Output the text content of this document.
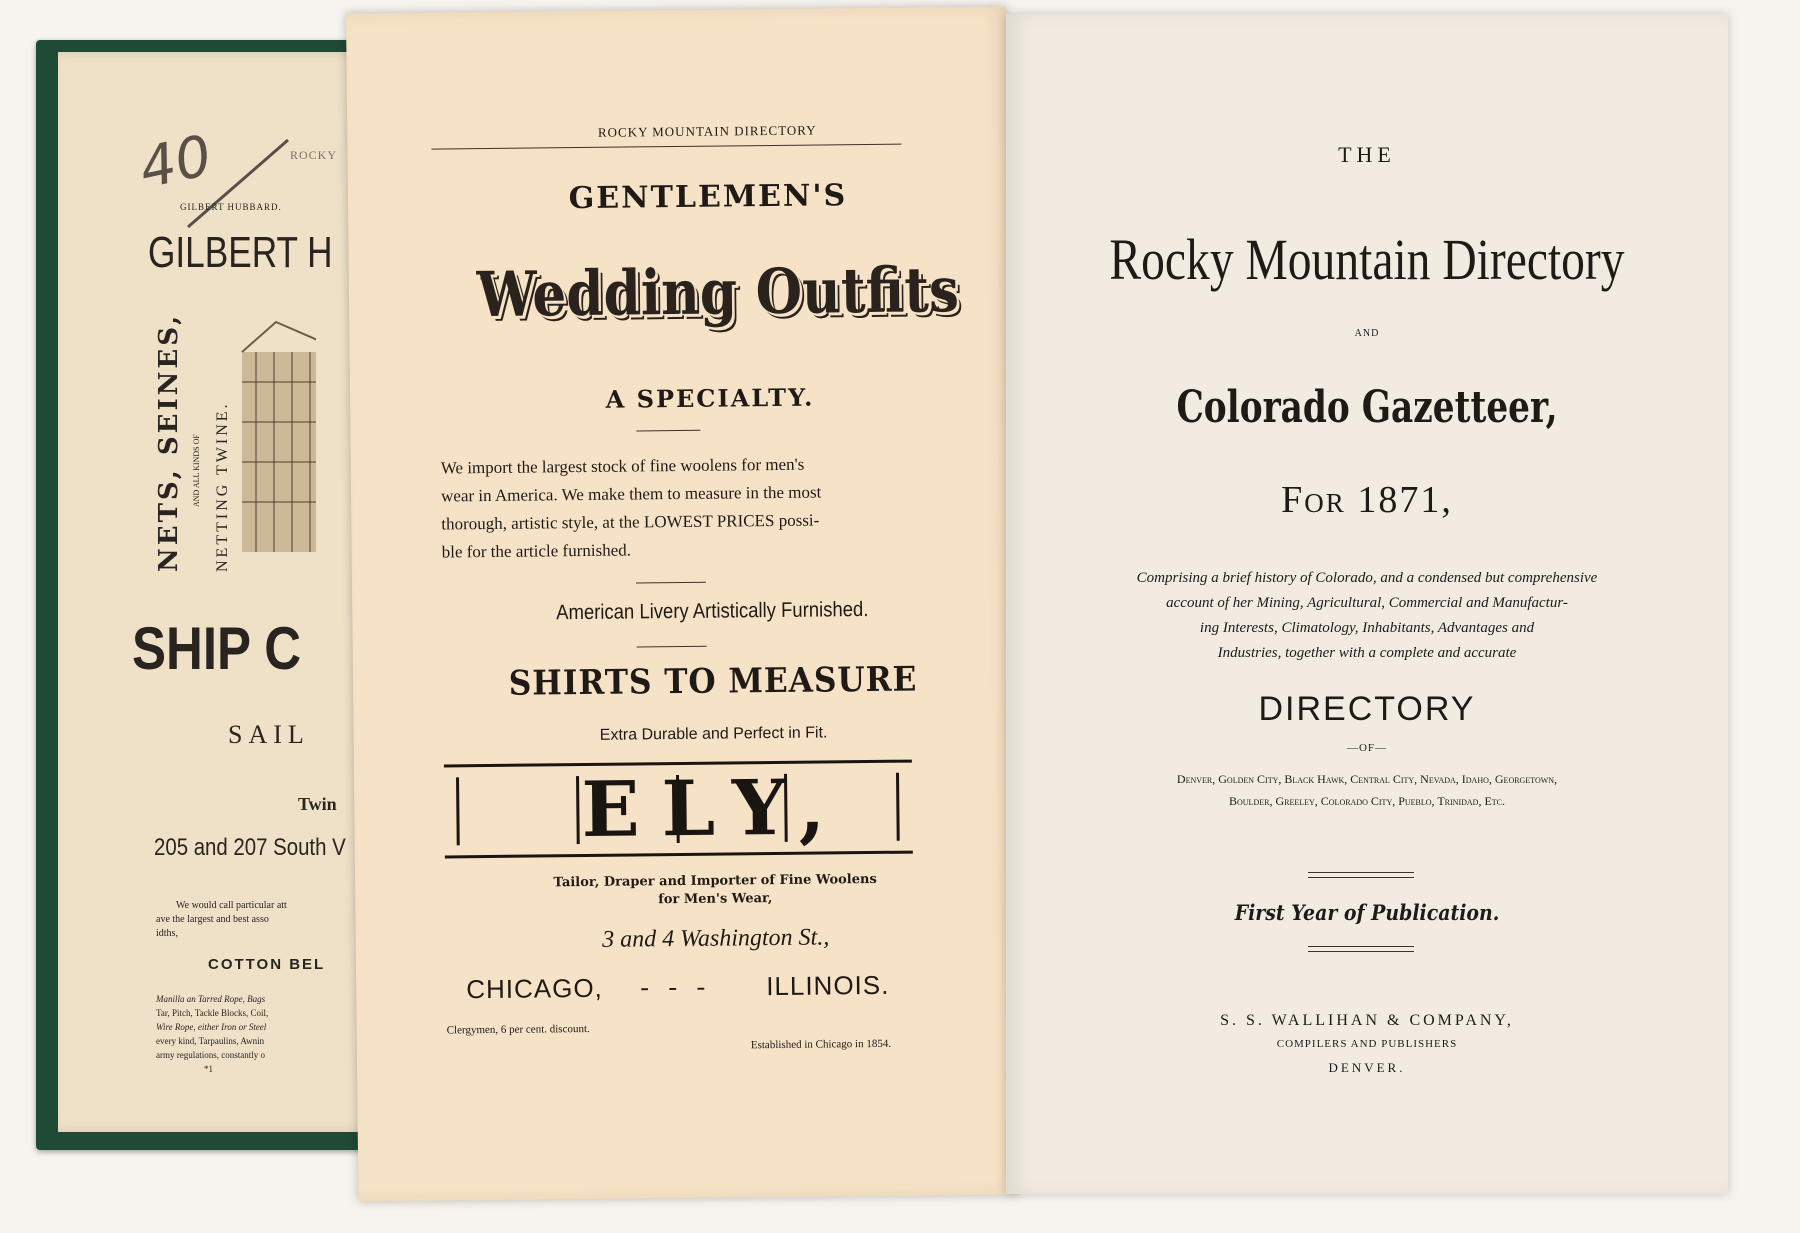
40	ROCKY
GILBERT HUBBARD.
GILBERT H
NETS, SEINES, AND ALL KINDS OF NETTING TWINE.
SHIP C
SAIL
Twin
205 and 207 South V
We would call particular att
ave the largest and best asso
idths,
COTTON BEL
Manilla an Tarred Rope, Bags
Tar, Pitch, Tackle Blocks, Coil,
Wire Rope, either Iron or Steel
every kind, Tarpaulins, Awnin
army regulations, constantly o
*1
ROCKY MOUNTAIN DIRECTORY
GENTLEMEN'S
Wedding Outfits
A SPECIALTY.
We import the largest stock of fine woolens for men's
wear in America. We make them to measure in the most
thorough, artistic style, at the LOWEST PRICES possi-
ble for the article furnished.
American Livery Artistically Furnished.
SHIRTS TO MEASURE
Extra Durable and Perfect in Fit.
ELY,
Tailor, Draper and Importer of Fine Woolens
for Men's Wear,
3 and 4 Washington St.,
CHICAGO, -   -   - ILLINOIS.
Clergymen, 6 per cent. discount.
Established in Chicago in 1854.
THE
Rocky Mountain Directory
AND
Colorado Gazetteer,
For 1871,
Comprising a brief history of Colorado, and a condensed but comprehensive
account of her Mining, Agricultural, Commercial and Manufactur-
ing Interests, Climatology, Inhabitants, Advantages and
Industries, together with a complete and accurate
DIRECTORY
—OF—
Denver, Golden City, Black Hawk, Central City, Nevada, Idaho, Georgetown,
Boulder, Greeley, Colorado City, Pueblo, Trinidad, Etc.
First Year of Publication.
S. S. WALLIHAN & COMPANY,
COMPILERS AND PUBLISHERS
DENVER.
